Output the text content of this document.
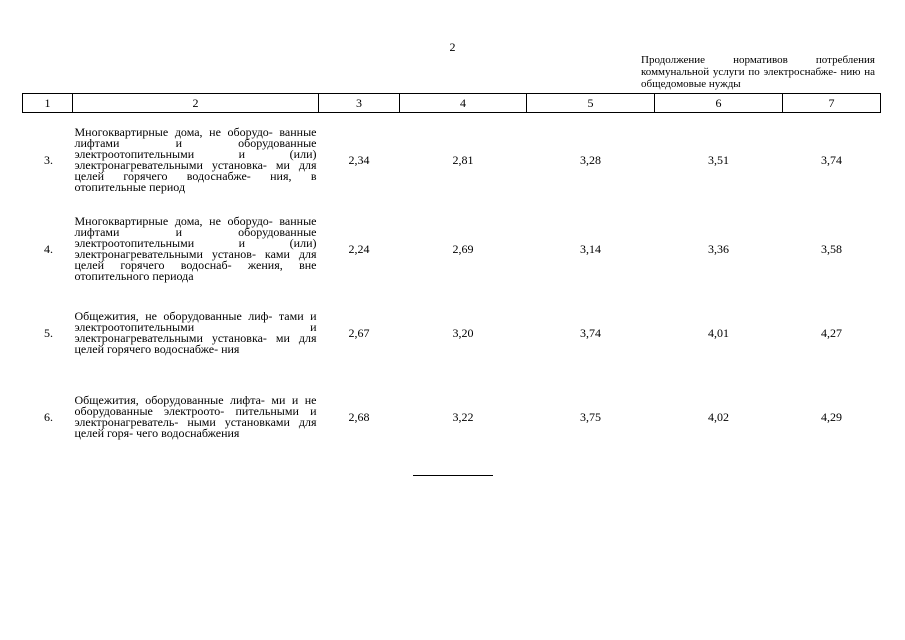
2
Продолжение нормативов потребления коммунальной услуги по электроснабже- нию на общедомовые нужды
1	2	3	4	5	6	7
3.	Многоквартирные дома, не оборудо- ванные лифтами и оборудованные электроотопительными и (или) электронагревательными установка- ми для целей горячего водоснабже- ния, в отопительные период	2,34	2,81	3,28	3,51	3,74
4.	Многоквартирные дома, не оборудо- ванные лифтами и оборудованные электроотопительными и (или) электронагревательными установ- ками для целей горячего водоснаб- жения, вне отопительного периода	2,24	2,69	3,14	3,36	3,58
5.	Общежития, не оборудованные лиф- тами и электроотопительными и электронагревательными установка- ми для целей горячего водоснабже- ния	2,67	3,20	3,74	4,01	4,27
6.	Общежития, оборудованные лифта- ми и не оборудованные электроото- пительными и электронагреватель- ными установками для целей горя- чего водоснабжения	2,68	3,22	3,75	4,02	4,29
